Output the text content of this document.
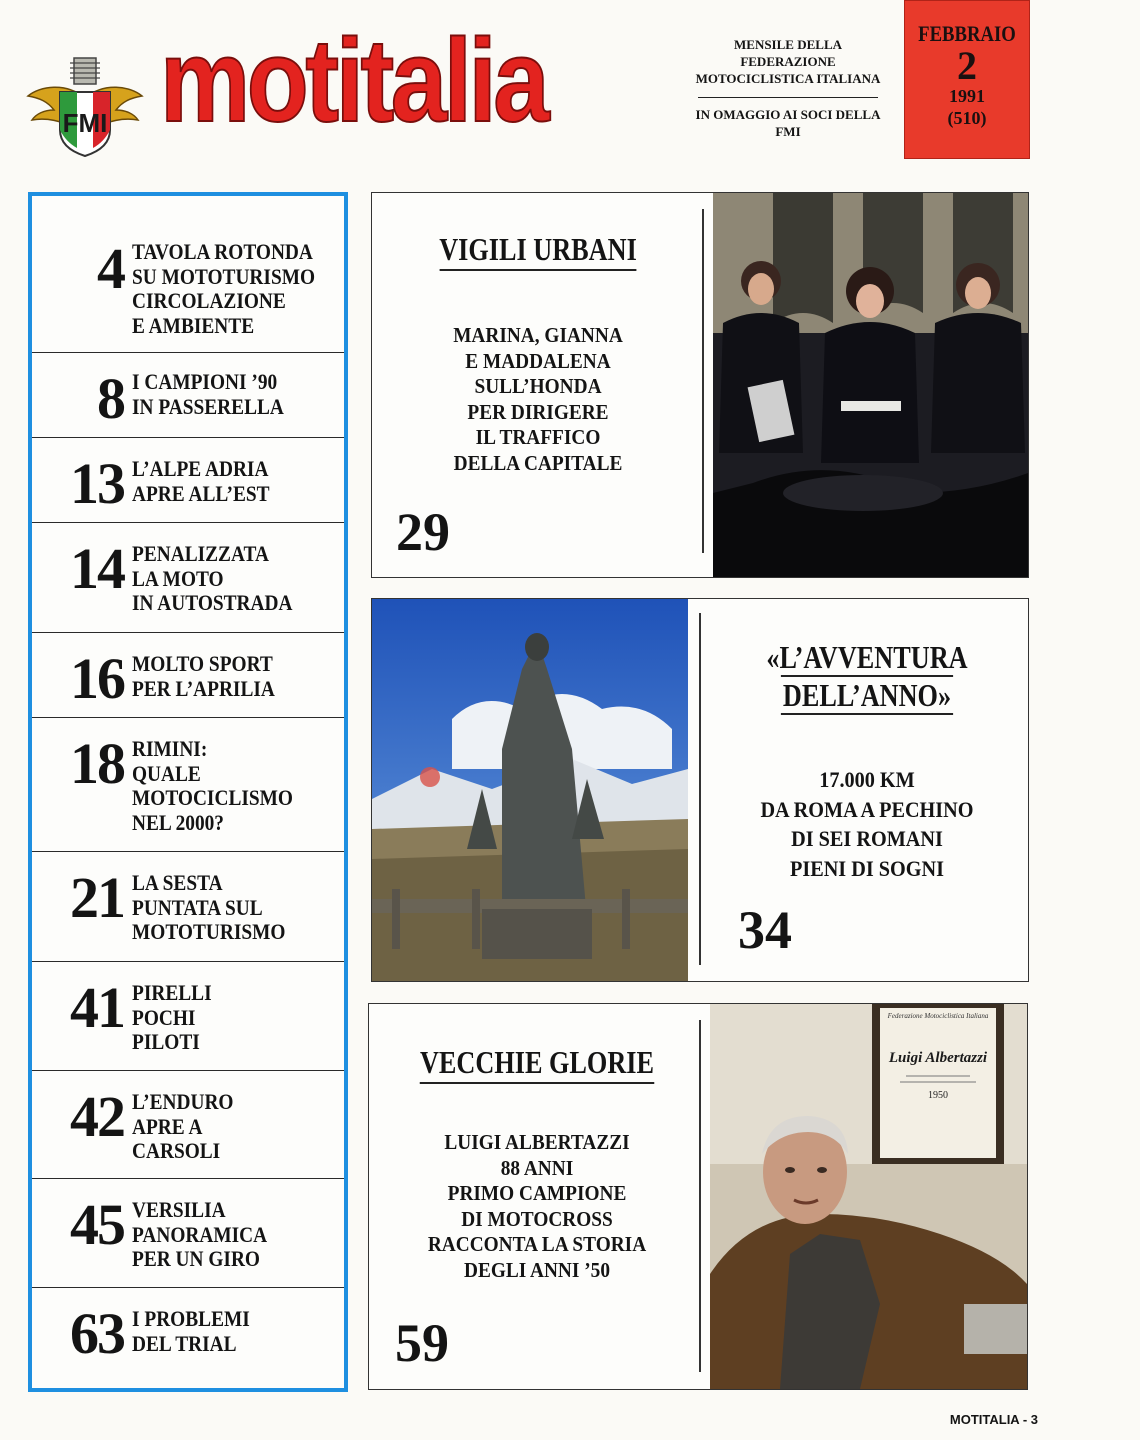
FMI motitalia	MENSILE DELLA
FEDERAZIONE
MOTOCICLISTICA ITALIANA
IN OMAGGIO AI SOCI DELLA FMI
FEBBRAIO
2
1991
(510)
4 TAVOLA ROTONDA
SU MOTOTURISMO
CIRCOLAZIONE
E AMBIENTE
8 I CAMPIONI ’90
IN PASSERELLA
13 L’ALPE ADRIA
APRE ALL’EST
14 PENALIZZATA
LA MOTO
IN AUTOSTRADA
16 MOLTO SPORT
PER L’APRILIA
18 RIMINI:
QUALE
MOTOCICLISMO
NEL 2000?
21 LA SESTA
PUNTATA SUL
MOTOTURISMO
41 PIRELLI
POCHI
PILOTI
42 L’ENDURO
APRE A
CARSOLI
45 VERSILIA
PANORAMICA
PER UN GIRO
63 I PROBLEMI
DEL TRIAL
VIGILI URBANI
MARINA, GIANNA
E MADDALENA
SULL’HONDA
PER DIRIGERE
IL TRAFFICO
DELLA CAPITALE
29
«L’AVVENTURA
DELL’ANNO»
17.000 KM
DA ROMA A PECHINO
DI SEI ROMANI
PIENI DI SOGNI
34
VECCHIE GLORIE
LUIGI ALBERTAZZI
88 ANNI
PRIMO CAMPIONE
DI MOTOCROSS
RACCONTA LA STORIA
DEGLI ANNI ’50
59
Federazione Motociclistica Italiana
Luigi Albertazzi
1950
MOTITALIA - 3
